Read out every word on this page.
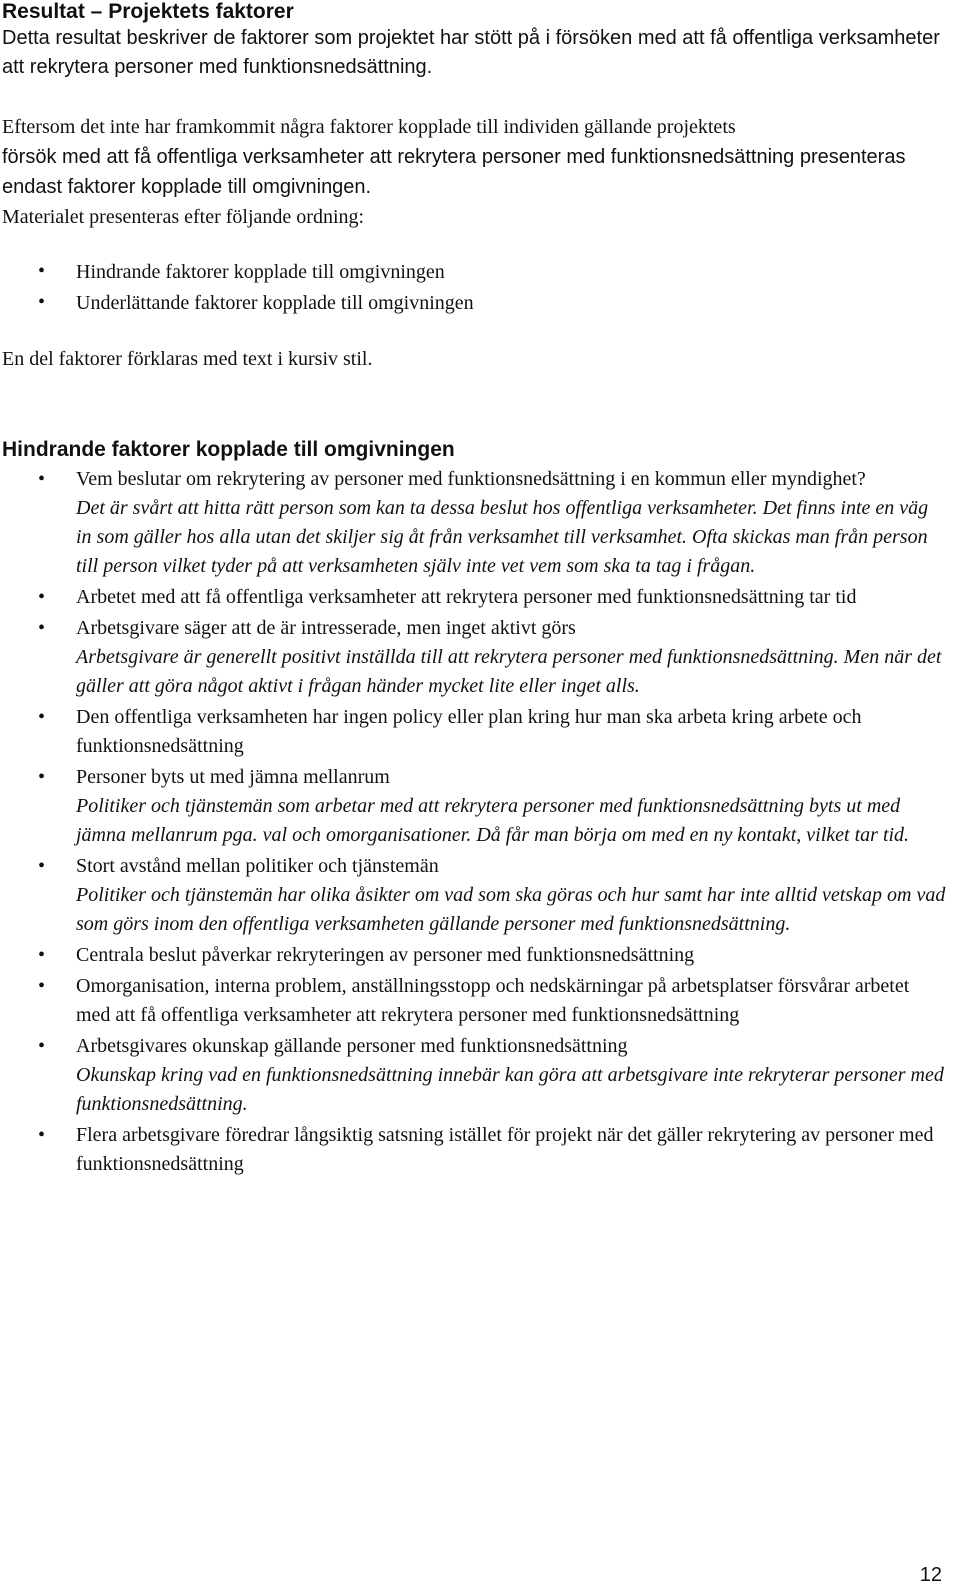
Resultat – Projektets faktorer

Detta resultat beskriver de faktorer som projektet har stött på i försöken med att få offentliga verksamheter att rekrytera personer med funktionsnedsättning.

Eftersom det inte har framkommit några faktorer kopplade till individen gällande projektets
försök med att få offentliga verksamheter att rekrytera personer med funktionsnedsättning presenteras endast faktorer kopplade till omgivningen.

Materialet presenteras efter följande ordning:

• Hindrande faktorer kopplade till omgivningen
• Underlättande faktorer kopplade till omgivningen

En del faktorer förklaras med text i kursiv stil.

Hindrande faktorer kopplade till omgivningen
• Vem beslutar om rekrytering av personer med funktionsnedsättning i en kommun eller myndighet?
Det är svårt att hitta rätt person som kan ta dessa beslut hos offentliga verksamheter. Det finns inte en väg in som gäller hos alla utan det skiljer sig åt från verksamhet till verksamhet. Ofta skickas man från person till person vilket tyder på att verksamheten själv inte vet vem som ska ta tag i frågan.
• Arbetet med att få offentliga verksamheter att rekrytera personer med funktionsnedsättning tar tid
• Arbetsgivare säger att de är intresserade, men inget aktivt görs
Arbetsgivare är generellt positivt inställda till att rekrytera personer med funktionsnedsättning. Men när det gäller att göra något aktivt i frågan händer mycket lite eller inget alls.
• Den offentliga verksamheten har ingen policy eller plan kring hur man ska arbeta kring arbete och funktionsnedsättning
• Personer byts ut med jämna mellanrum
Politiker och tjänstemän som arbetar med att rekrytera personer med funktionsnedsättning byts ut med jämna mellanrum pga. val och omorganisationer. Då får man börja om med en ny kontakt, vilket tar tid.
• Stort avstånd mellan politiker och tjänstemän
Politiker och tjänstemän har olika åsikter om vad som ska göras och hur samt har inte alltid vetskap om vad som görs inom den offentliga verksamheten gällande personer med funktionsnedsättning.
• Centrala beslut påverkar rekryteringen av personer med funktionsnedsättning
• Omorganisation, interna problem, anställningsstopp och nedskärningar på arbetsplatser försvårar arbetet med att få offentliga verksamheter att rekrytera personer med funktionsnedsättning
• Arbetsgivares okunskap gällande personer med funktionsnedsättning
Okunskap kring vad en funktionsnedsättning innebär kan göra att arbetsgivare inte rekryterar personer med funktionsnedsättning.
• Flera arbetsgivare föredrar långsiktig satsning istället för projekt när det gäller rekrytering av personer med funktionsnedsättning
12
